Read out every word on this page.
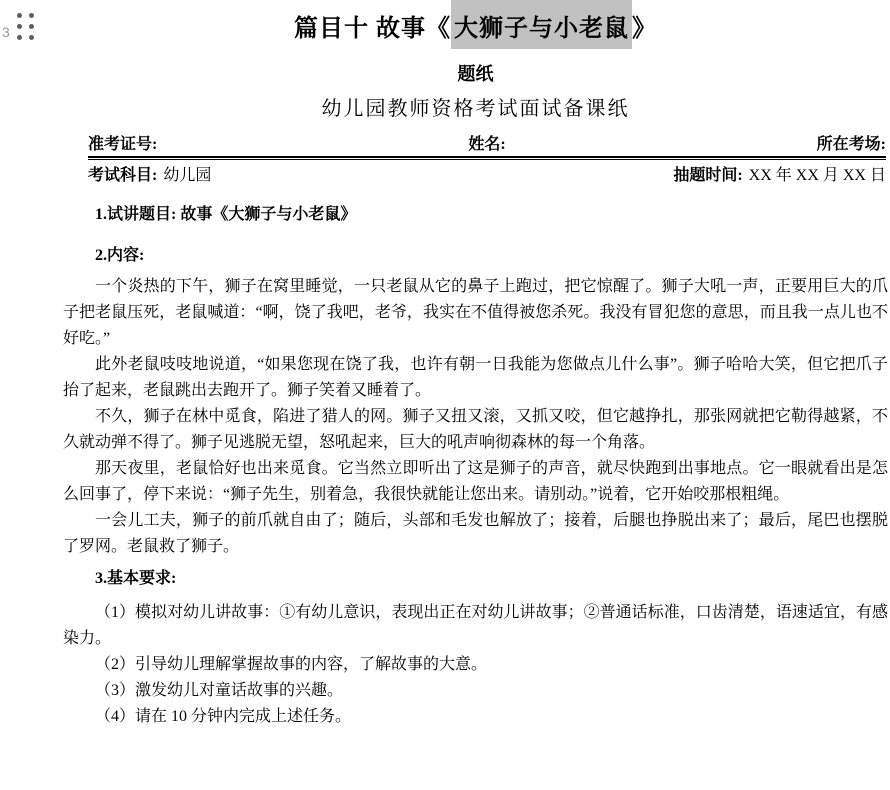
3	篇目十 故事《 大狮子与小老鼠 》
题纸
幼儿园教师资格考试面试备课纸
准考证号:	姓名:	所在考场:
考试科目: 幼儿园	抽题时间: XX 年 XX 月 XX 日
1.试讲题目: 故事《大狮子与小老鼠》
2.内容:

一个炎热的下午，狮子在窝里睡觉，一只老鼠从它的鼻子上跑过，把它惊醒了。狮子大吼一声，正要用巨大的爪子把老鼠压死，老鼠喊道：“啊，饶了我吧，老爷，我实在不值得被您杀死。我没有冒犯您的意思，而且我一点儿也不好吃。”

此外老鼠吱吱地说道，“如果您现在饶了我，也许有朝一日我能为您做点儿什么事”。狮子哈哈大笑，但它把爪子抬了起来，老鼠跳出去跑开了。狮子笑着又睡着了。

不久，狮子在林中觅食，陷进了猎人的网。狮子又扭又滚，又抓又咬，但它越挣扎，那张网就把它勒得越紧，不久就动弹不得了。狮子见逃脱无望，怒吼起来，巨大的吼声响彻森林的每一个角落。

那天夜里，老鼠恰好也出来觅食。它当然立即听出了这是狮子的声音，就尽快跑到出事地点。它一眼就看出是怎么回事了，停下来说：“狮子先生，别着急，我很快就能让您出来。请别动。”说着，它开始咬那根粗绳。

一会儿工夫，狮子的前爪就自由了；随后，头部和毛发也解放了；接着，后腿也挣脱出来了；最后，尾巴也摆脱了罗网。老鼠救了狮子。

3.基本要求:

（1）模拟对幼儿讲故事：①有幼儿意识，表现出正在对幼儿讲故事；②普通话标准，口齿清楚，语速适宜，有感染力。

（2）引导幼儿理解掌握故事的内容，了解故事的大意。

（3）激发幼儿对童话故事的兴趣。

（4）请在 10 分钟内完成上述任务。
